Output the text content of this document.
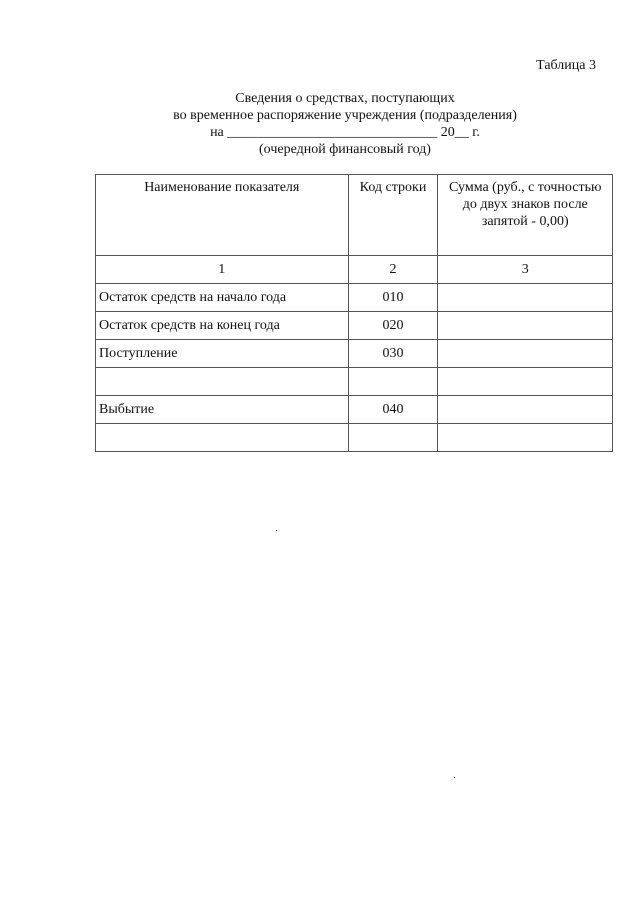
Таблица 3
Сведения о средствах, поступающих
во временное распоряжение учреждения (подразделения)
на ______________________________ 20__ г.
(очередной финансовый год)
Наименование показателя	Код строки	Сумма (руб., с точностью до двух знаков после запятой - 0,00)
1	2	3
Остаток средств на начало года	010	
Остаток средств на конец года	020	
Поступление	030	

Выбытие	040	
